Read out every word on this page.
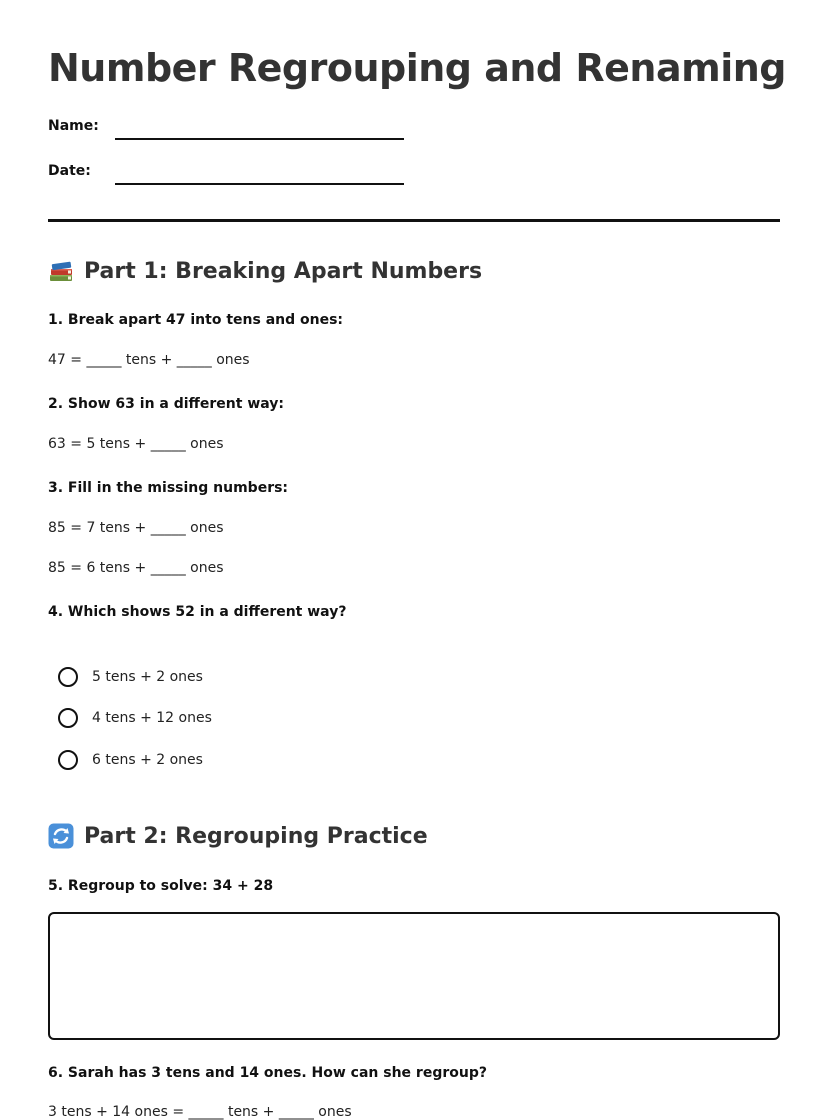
Number Regrouping and Renaming
Name:
Date:
Part 1: Breaking Apart Numbers
1. Break apart 47 into tens and ones:
47 = _____ tens + _____ ones
2. Show 63 in a different way:
63 = 5 tens + _____ ones
3. Fill in the missing numbers:
85 = 7 tens + _____ ones
85 = 6 tens + _____ ones
4. Which shows 52 in a different way?
5 tens + 2 ones
4 tens + 12 ones
6 tens + 2 ones
Part 2: Regrouping Practice
5. Regroup to solve: 34 + 28
6. Sarah has 3 tens and 14 ones. How can she regroup?
3 tens + 14 ones = _____ tens + _____ ones
